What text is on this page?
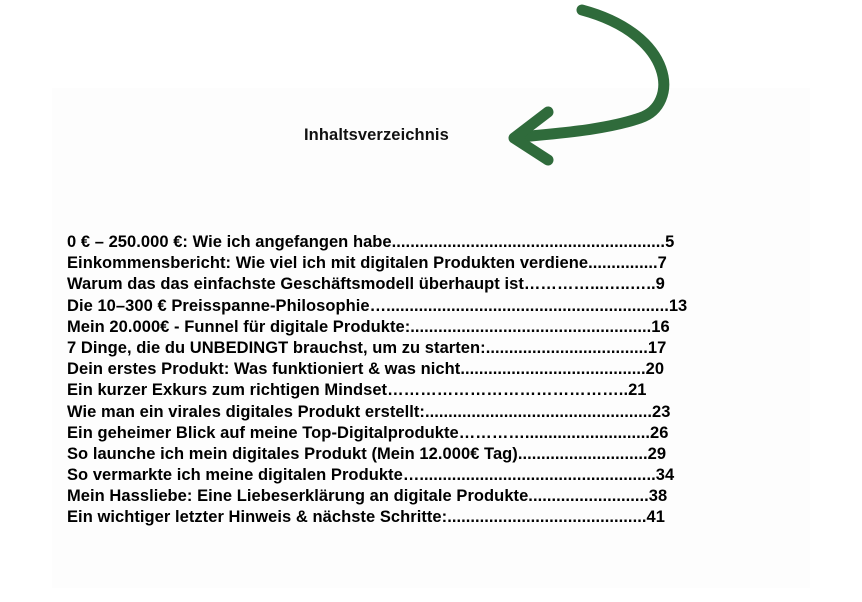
Inhaltsverzeichnis
0 € – 250.000 €: Wie ich angefangen habe...........................................................5
Einkommensbericht: Wie viel ich mit digitalen Produkten verdiene...............7
Warum das das einfachste Geschäftsmodell überhaupt ist…………...…..…..9
Die 10–300 € Preisspanne-Philosophie….............................................................13
Mein 20.000€ - Funnel für digitale Produkte:....................................................16
7 Dinge, die du UNBEDINGT brauchst, um zu starten:...................................17
Dein erstes Produkt: Was funktioniert & was nicht........................................20
Ein kurzer Exkurs zum richtigen Mindset……………………………………..21
Wie man ein virales digitales Produkt erstellt:.................................................23
Ein geheimer Blick auf meine Top-Digitalprodukte…………...........................26
So launche ich mein digitales Produkt (Mein 12.000€ Tag)............................29
So vermarkte ich meine digitalen Produkte…...................................................34
Mein Hassliebe: Eine Liebeserklärung an digitale Produkte..........................38
Ein wichtiger letzter Hinweis & nächste Schritte:...........................................41
